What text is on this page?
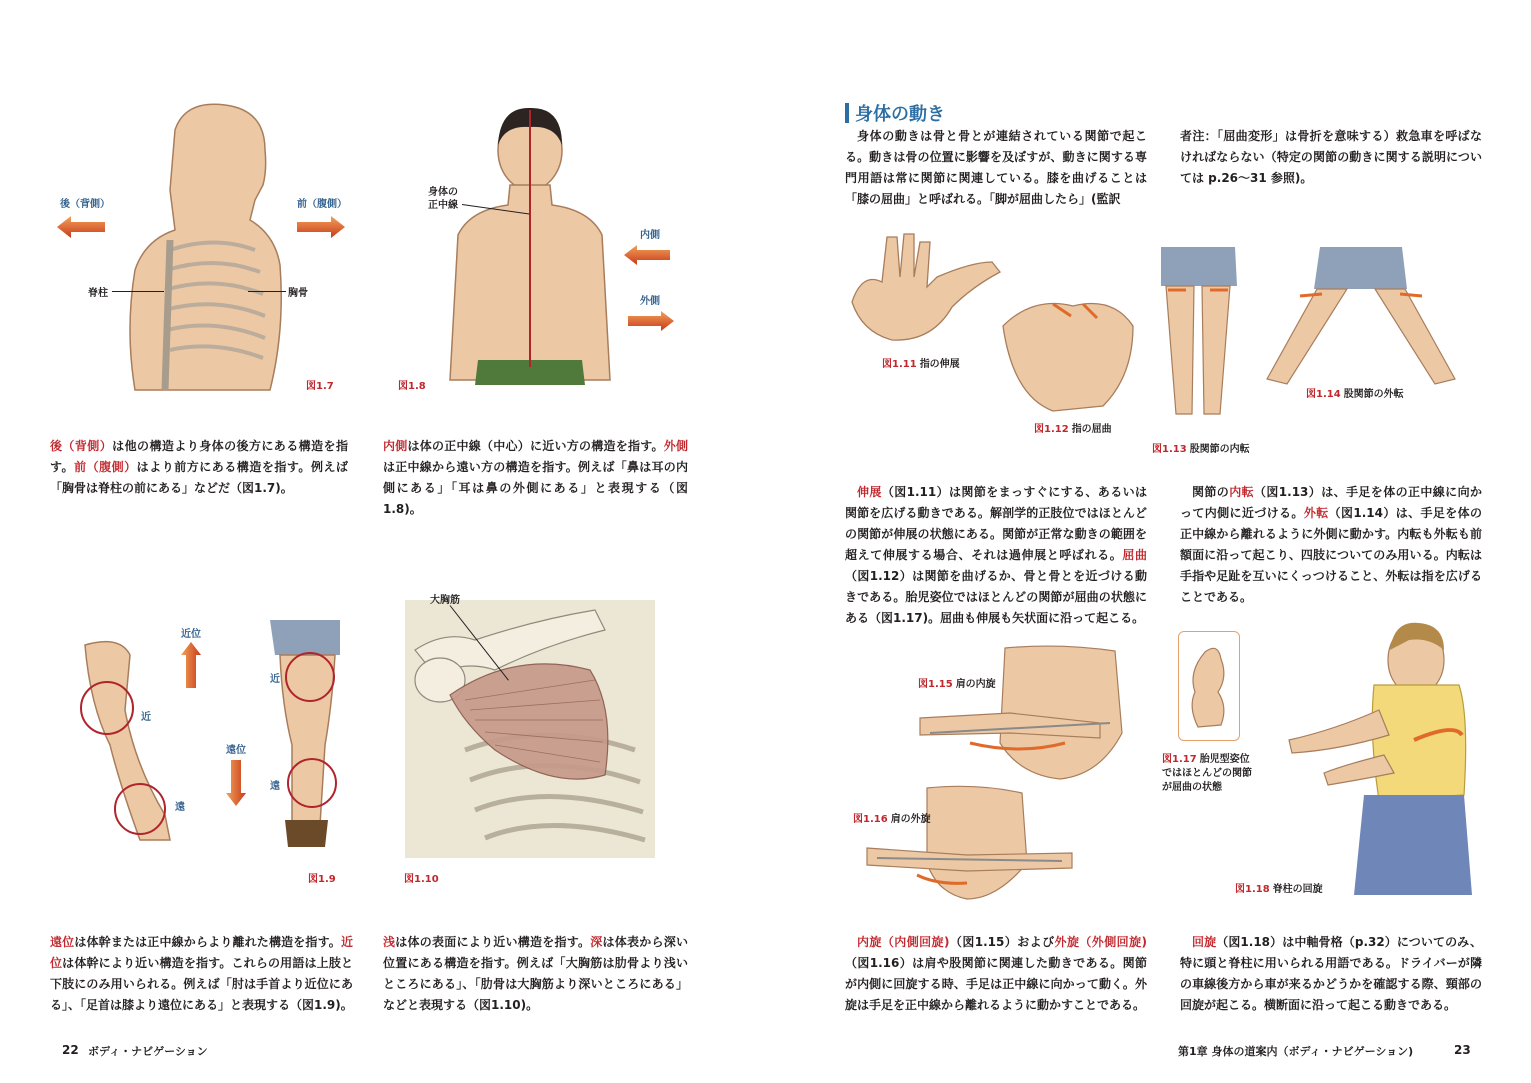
後（背側）	前（腹側）
脊柱	胸骨
図1.7
身体の
正中線
内側
外側
図1.8
後（背側）は他の構造より身体の後方にある構造を指す。前（腹側）はより前方にある構造を指す。例えば「胸骨は脊柱の前にある」などだ（図1.7)。
内側は体の正中線（中心）に近い方の構造を指す。外側は正中線から遠い方の構造を指す。例えば「鼻は耳の内側にある」「耳は鼻の外側にある」と表現する（図1.8)。
近位
遠位
近
遠
近
遠
図1.9
大胸筋
図1.10
遠位は体幹または正中線からより離れた構造を指す。近位は体幹により近い構造を指す。これらの用語は上肢と下肢にのみ用いられる。例えば「肘は手首より近位にある」、「足首は膝より遠位にある」と表現する（図1.9)。
浅は体の表面により近い構造を指す。深は体表から深い位置にある構造を指す。例えば「大胸筋は肋骨より浅いところにある」、「肋骨は大胸筋より深いところにある」などと表現する（図1.10)。
22 ボディ・ナビゲーション
身体の動き
身体の動きは骨と骨とが連結されている関節で起こる。動きは骨の位置に影響を及ぼすが、動きに関する専門用語は常に関節に関連している。膝を曲げることは「膝の屈曲」と呼ばれる。「脚が屈曲したら」(監訳
者注：「屈曲変形」は骨折を意味する）救急車を呼ばなければならない（特定の関節の動きに関する説明については p.26〜31 参照)。
図1.11 指の伸展
図1.12 指の屈曲
図1.13 股関節の内転
図1.14 股関節の外転
伸展（図1.11）は関節をまっすぐにする、あるいは関節を広げる動きである。解剖学的正肢位ではほとんどの関節が伸展の状態にある。関節が正常な動きの範囲を超えて伸展する場合、それは過伸展と呼ばれる。屈曲（図1.12）は関節を曲げるか、骨と骨とを近づける動きである。胎児姿位ではほとんどの関節が屈曲の状態にある（図1.17)。屈曲も伸展も矢状面に沿って起こる。
関節の内転（図1.13）は、手足を体の正中線に向かって内側に近づける。外転（図1.14）は、手足を体の正中線から離れるように外側に動かす。内転も外転も前額面に沿って起こり、四肢についてのみ用いる。内転は手指や足趾を互いにくっつけること、外転は指を広げることである。
図1.15 肩の内旋
図1.16 肩の外旋
図1.17 胎児型姿位
ではほとんどの関節
が屈曲の状態
図1.18 脊柱の回旋
内旋（内側回旋)（図1.15）および外旋（外側回旋)（図1.16）は肩や股関節に関連した動きである。関節が内側に回旋する時、手足は正中線に向かって動く。外旋は手足を正中線から離れるように動かすことである。
回旋（図1.18）は中軸骨格（p.32）についてのみ、特に頭と脊柱に用いられる用語である。ドライバーが隣の車線後方から車が来るかどうかを確認する際、頸部の回旋が起こる。横断面に沿って起こる動きである。
第1章 身体の道案内（ボディ・ナビゲーション)	23
